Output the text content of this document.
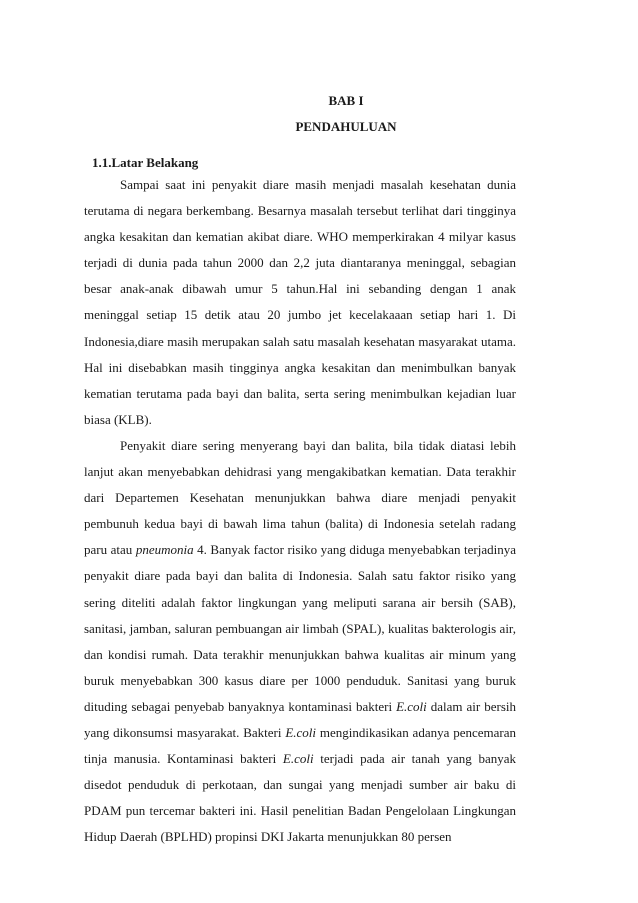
BAB I
PENDAHULUAN
1.1.Latar Belakang

Sampai saat ini penyakit diare masih menjadi masalah kesehatan dunia terutama di negara berkembang. Besarnya masalah tersebut terlihat dari tingginya angka kesakitan dan kematian akibat diare. WHO memperkirakan 4 milyar kasus terjadi di dunia pada tahun 2000 dan 2,2 juta diantaranya meninggal, sebagian besar anak-anak dibawah umur 5 tahun.Hal ini sebanding dengan 1 anak meninggal setiap 15 detik atau 20 jumbo jet kecelakaaan setiap hari 1. Di Indonesia,diare masih merupakan salah satu masalah kesehatan masyarakat utama. Hal ini disebabkan masih tingginya angka kesakitan dan menimbulkan banyak kematian terutama pada bayi dan balita, serta sering menimbulkan kejadian luar biasa (KLB).

Penyakit diare sering menyerang bayi dan balita, bila tidak diatasi lebih lanjut akan menyebabkan dehidrasi yang mengakibatkan kematian. Data terakhir dari Departemen Kesehatan menunjukkan bahwa diare menjadi penyakit pembunuh kedua bayi di bawah lima tahun (balita) di Indonesia setelah radang paru atau pneumonia 4. Banyak factor risiko yang diduga menyebabkan terjadinya penyakit diare pada bayi dan balita di Indonesia. Salah satu faktor risiko yang sering diteliti adalah faktor lingkungan yang meliputi sarana air bersih (SAB), sanitasi, jamban, saluran pembuangan air limbah (SPAL), kualitas bakterologis air, dan kondisi rumah. Data terakhir menunjukkan bahwa kualitas air minum yang buruk menyebabkan 300 kasus diare per 1000 penduduk. Sanitasi yang buruk dituding sebagai penyebab banyaknya kontaminasi bakteri E.coli dalam air bersih yang dikonsumsi masyarakat. Bakteri E.coli mengindikasikan adanya pencemaran tinja manusia. Kontaminasi bakteri E.coli terjadi pada air tanah yang banyak disedot penduduk di perkotaan, dan sungai yang menjadi sumber air baku di PDAM pun tercemar bakteri ini. Hasil penelitian Badan Pengelolaan Lingkungan Hidup Daerah (BPLHD) propinsi DKI Jakarta menunjukkan 80 persen
